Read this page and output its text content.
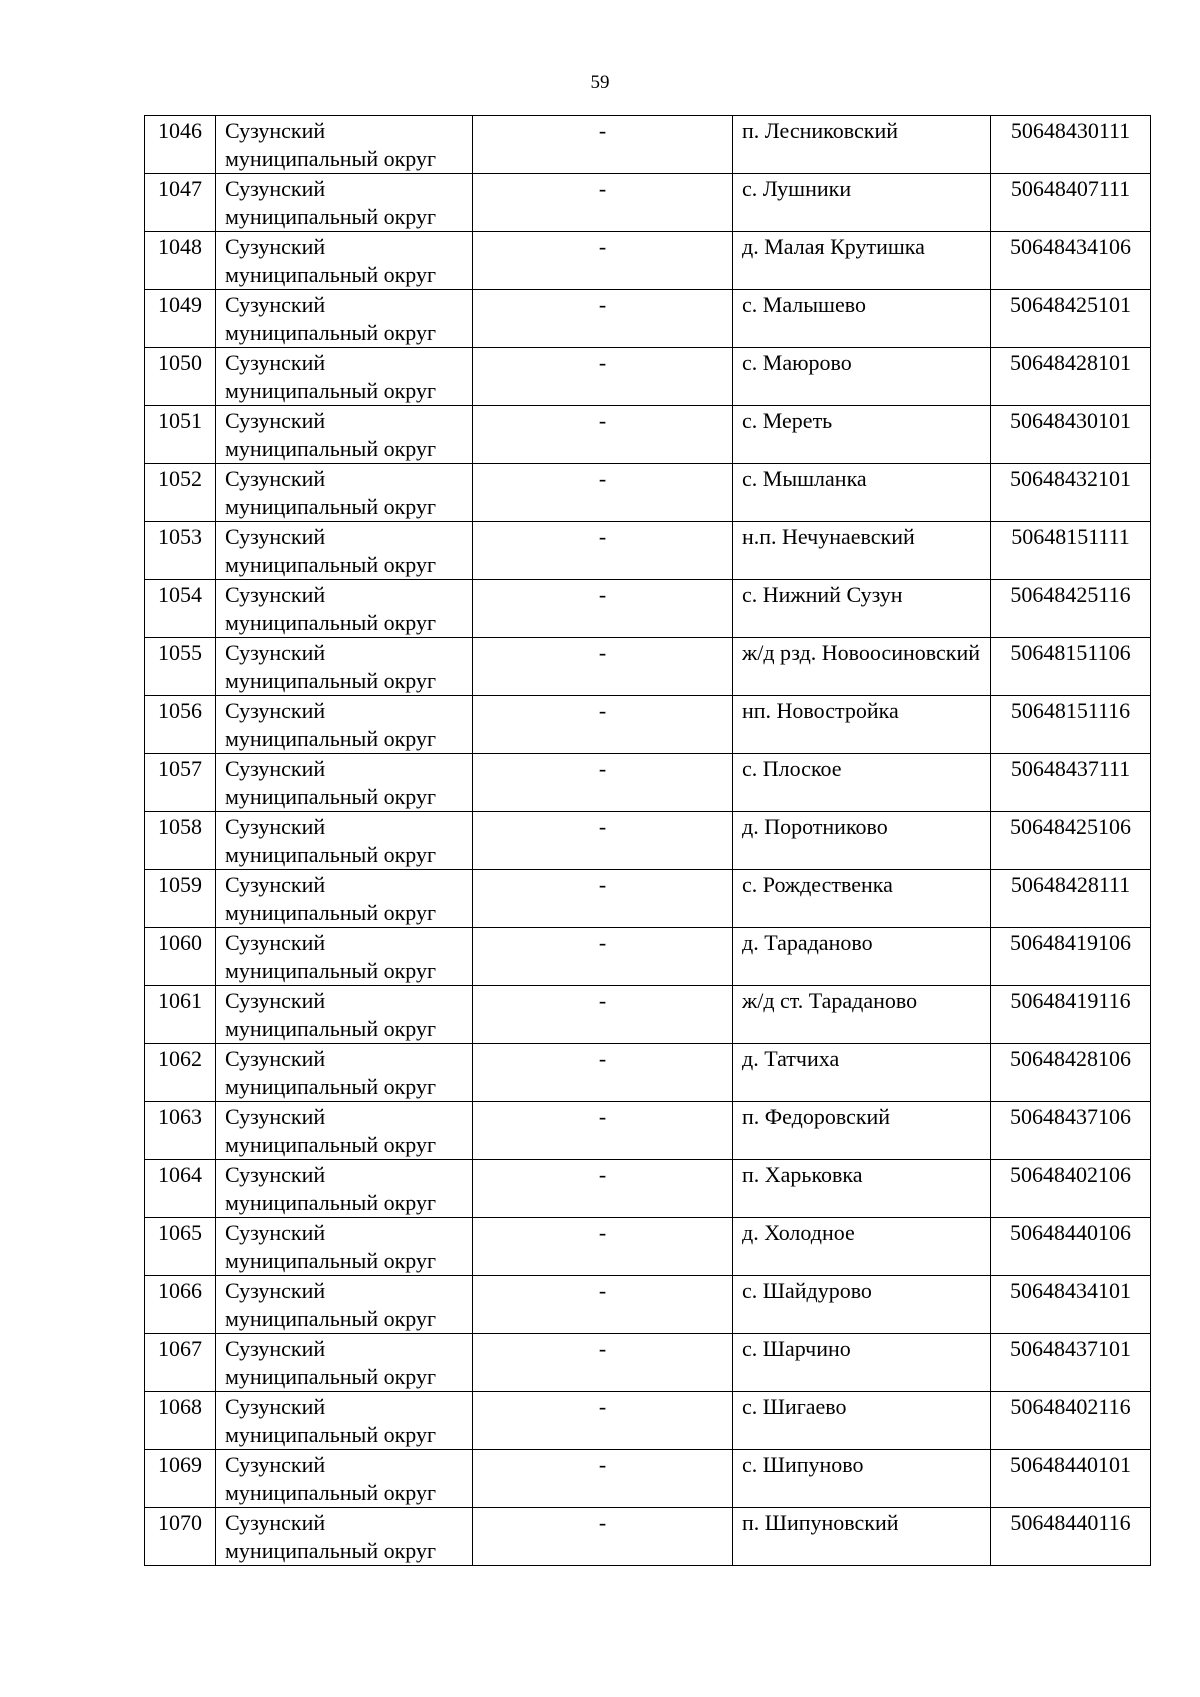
59
1046	Сузунский муниципальный округ	-	п. Лесниковский	50648430111
1047	Сузунский муниципальный округ	-	с. Лушники	50648407111
1048	Сузунский муниципальный округ	-	д. Малая Крутишка	50648434106
1049	Сузунский муниципальный округ	-	с. Малышево	50648425101
1050	Сузунский муниципальный округ	-	с. Маюрово	50648428101
1051	Сузунский муниципальный округ	-	с. Мереть	50648430101
1052	Сузунский муниципальный округ	-	с. Мышланка	50648432101
1053	Сузунский муниципальный округ	-	н.п. Нечунаевский	50648151111
1054	Сузунский муниципальный округ	-	с. Нижний Сузун	50648425116
1055	Сузунский муниципальный округ	-	ж/д рзд. Новоосиновский	50648151106
1056	Сузунский муниципальный округ	-	нп. Новостройка	50648151116
1057	Сузунский муниципальный округ	-	с. Плоское	50648437111
1058	Сузунский муниципальный округ	-	д. Поротниково	50648425106
1059	Сузунский муниципальный округ	-	с. Рождественка	50648428111
1060	Сузунский муниципальный округ	-	д. Тараданово	50648419106
1061	Сузунский муниципальный округ	-	ж/д ст. Тараданово	50648419116
1062	Сузунский муниципальный округ	-	д. Татчиха	50648428106
1063	Сузунский муниципальный округ	-	п. Федоровский	50648437106
1064	Сузунский муниципальный округ	-	п. Харьковка	50648402106
1065	Сузунский муниципальный округ	-	д. Холодное	50648440106
1066	Сузунский муниципальный округ	-	с. Шайдурово	50648434101
1067	Сузунский муниципальный округ	-	с. Шарчино	50648437101
1068	Сузунский муниципальный округ	-	с. Шигаево	50648402116
1069	Сузунский муниципальный округ	-	с. Шипуново	50648440101
1070	Сузунский муниципальный округ	-	п. Шипуновский	50648440116
